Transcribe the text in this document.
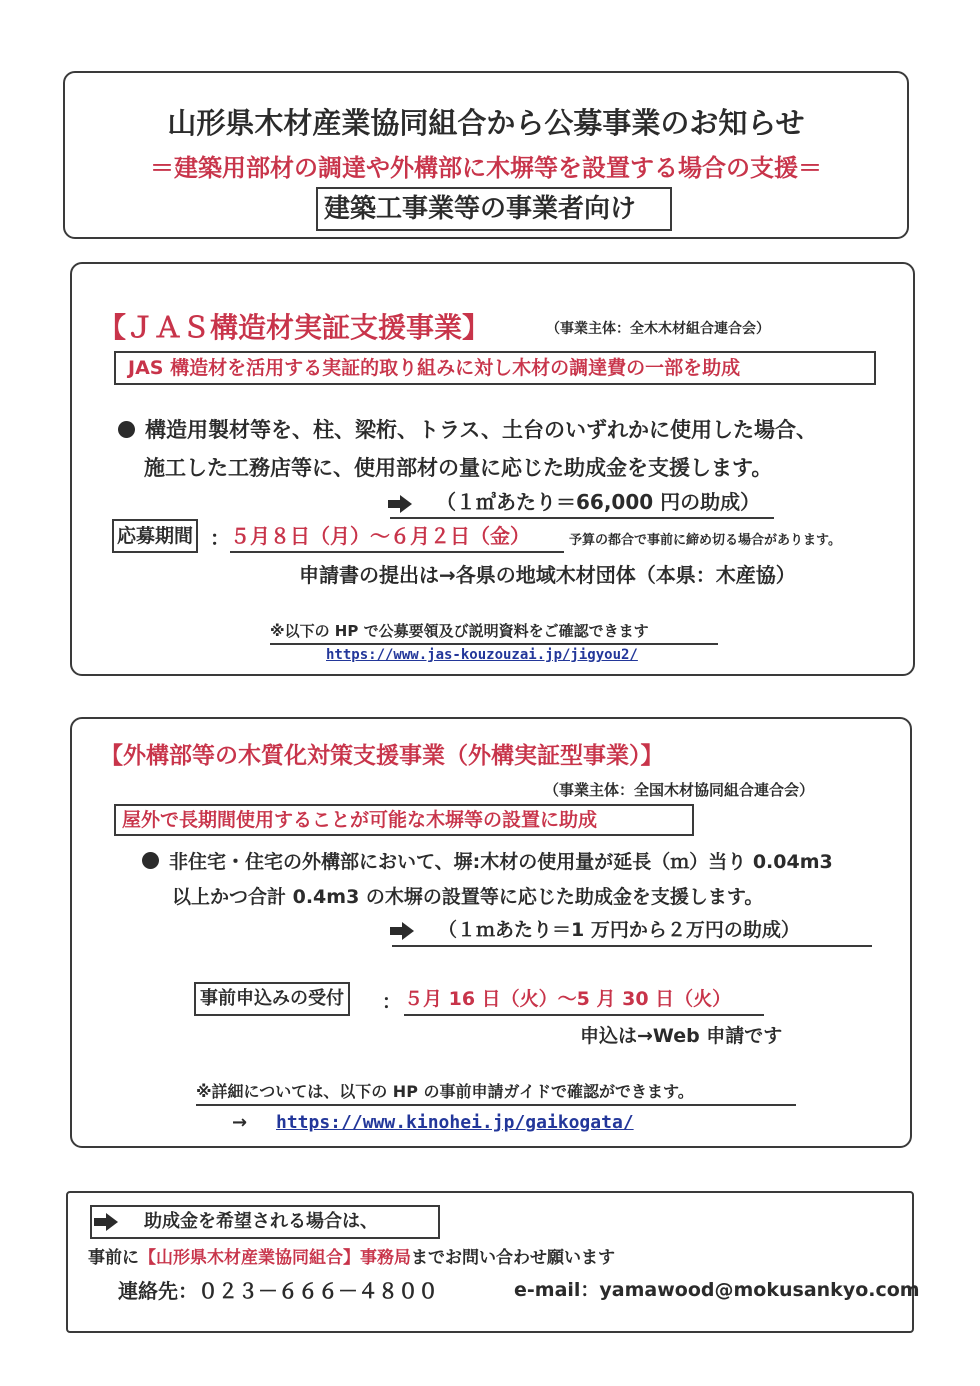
山形県木材産業協同組合から公募事業のお知らせ
＝建築用部材の調達や外構部に木塀等を設置する場合の支援＝
建築工事業等の事業者向け
【ＪＡＳ構造材実証支援事業】	（事業主体：全木木材組合連合会）
JAS 構造材を活用する実証的取り組みに対し木材の調達費の一部を助成
構造用製材等を、柱、梁桁、トラス、土台のいずれかに使用した場合、
施工した工務店等に、使用部材の量に応じた助成金を支援します。
（１㎥あたり＝66,000 円の助成）
応募期間 ： ５月８日（月）～６月２日（金）	予算の都合で事前に締め切る場合があります。
申請書の提出は→各県の地域木材団体（本県：木産協）
※以下の HP で公募要領及び説明資料をご確認できます
https://www.jas-kouzouzai.jp/jigyou2/
【外構部等の木質化対策支援事業（外構実証型事業）】
（事業主体：全国木材協同組合連合会）
屋外で長期間使用することが可能な木塀等の設置に助成
非住宅・住宅の外構部において、塀:木材の使用量が延長（ｍ）当り 0.04m3
以上かつ合計 0.4m3 の木塀の設置等に応じた助成金を支援します。
（１ｍあたり＝1 万円から２万円の助成）
事前申込みの受付	： ５月 16 日（火）～5 月 30 日（火）
申込は→Web 申請です
※詳細については、以下の HP の事前申請ガイドで確認ができます。
→ https://www.kinohei.jp/gaikogata/
助成金を希望される場合は、
事前に【山形県木材産業協同組合】事務局までお問い合わせ願います
連絡先：０２３－６６６－４８００	e-mail：yamawood@mokusankyo.com
